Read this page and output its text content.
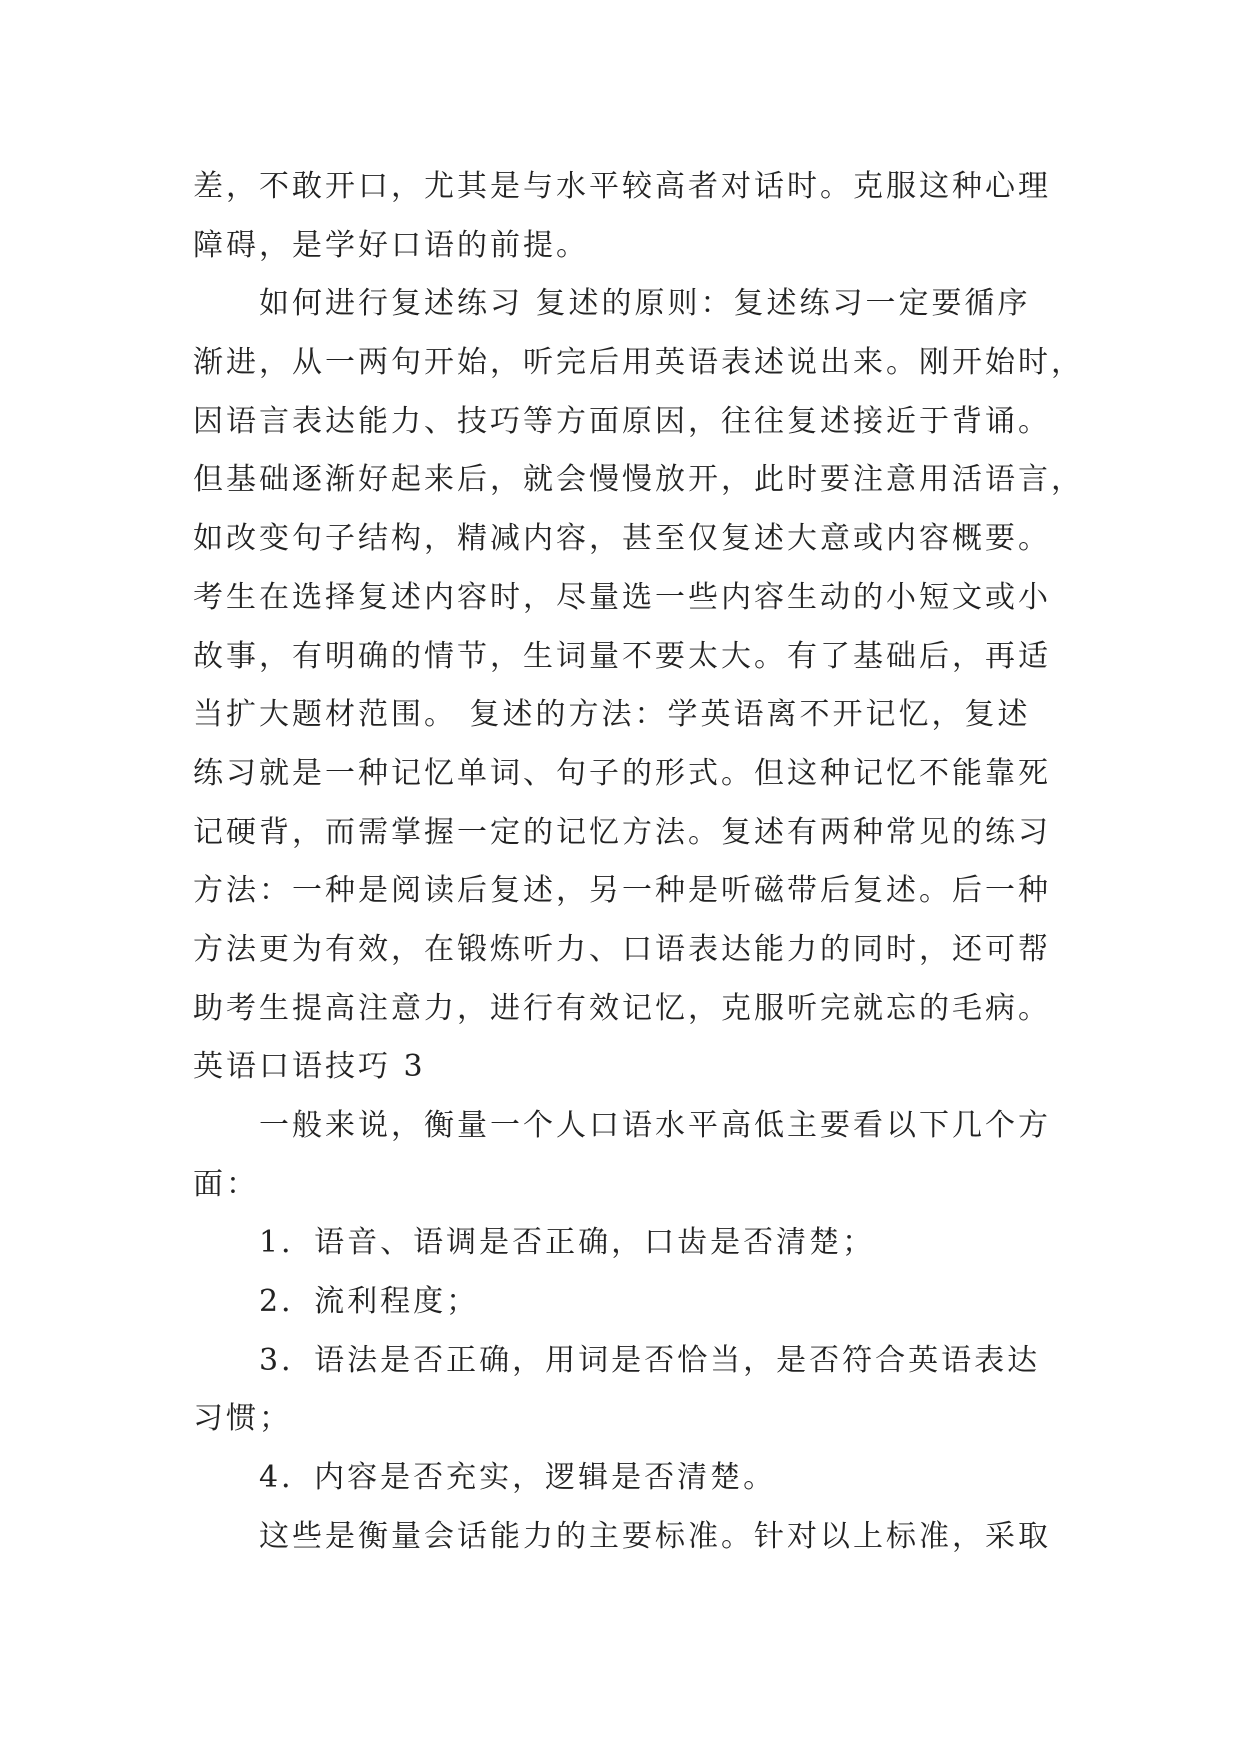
差，不敢开口，尤其是与水平较高者对话时。克服这种心理
障碍，是学好口语的前提。
如何进行复述练习 复述的原则：复述练习一定要循序
渐进，从一两句开始，听完后用英语表述说出来。刚开始时，
因语言表达能力、技巧等方面原因，往往复述接近于背诵。
但基础逐渐好起来后，就会慢慢放开，此时要注意用活语言，
如改变句子结构，精减内容，甚至仅复述大意或内容概要。
考生在选择复述内容时，尽量选一些内容生动的小短文或小
故事，有明确的情节，生词量不要太大。有了基础后，再适
当扩大题材范围。 复述的方法：学英语离不开记忆，复述
练习就是一种记忆单词、句子的形式。但这种记忆不能靠死
记硬背，而需掌握一定的记忆方法。复述有两种常见的练习
方法：一种是阅读后复述，另一种是听磁带后复述。后一种
方法更为有效，在锻炼听力、口语表达能力的同时，还可帮
助考生提高注意力，进行有效记忆，克服听完就忘的毛病。
英语口语技巧 3
一般来说，衡量一个人口语水平高低主要看以下几个方
面：
1．语音、语调是否正确，口齿是否清楚；
2．流利程度；
3．语法是否正确，用词是否恰当，是否符合英语表达
习惯；
4．内容是否充实，逻辑是否清楚。
这些是衡量会话能力的主要标准。针对以上标准，采取
